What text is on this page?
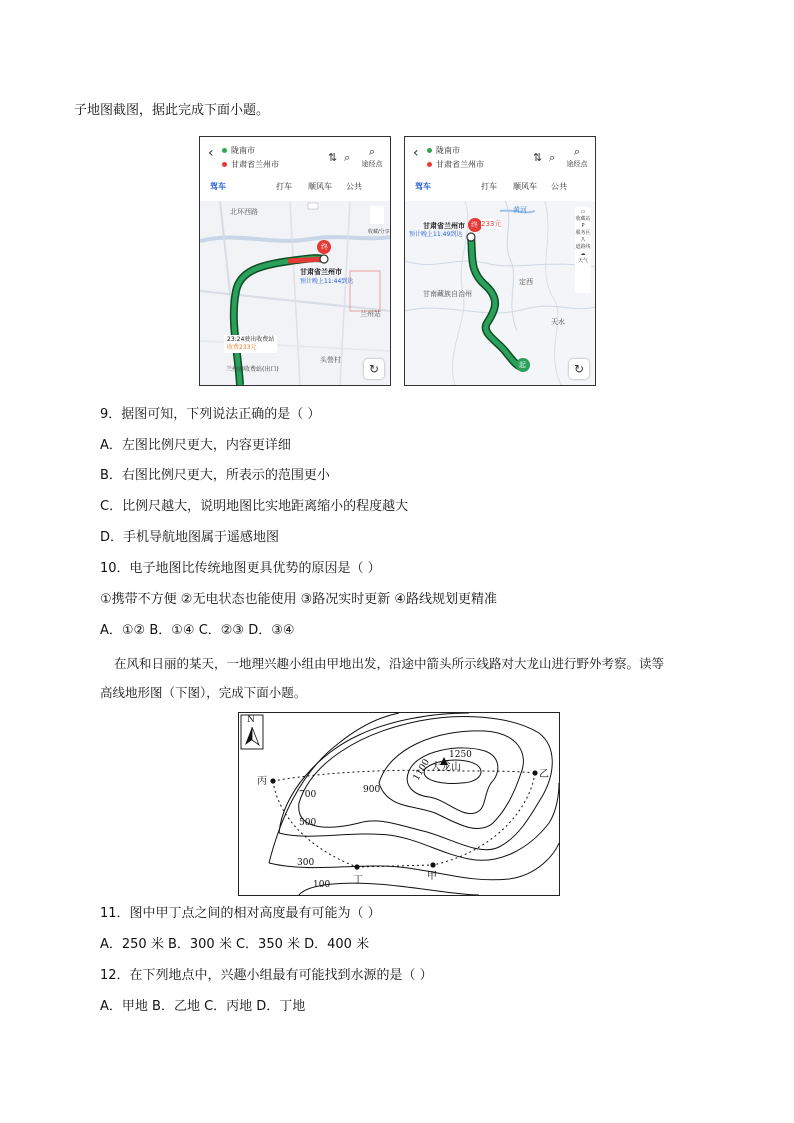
子地图截图，据此完成下面小题。
‹	陇南市
甘肃省兰州市
⇅ ⌕	⌕
途经点
驾车	打车 顺风车 公共
北环西路
甘肃省兰州市
预计晚上11:44到达
兰州站
头營村
终
23:24驶出收费站
收费233元
兰州南收费站(出口)
收藏/分享
↻
‹	陇南市
甘肃省兰州市
⇅ ⌕	⌕
途经点
驾车	打车 顺风车 公共
黄河
甘肃省兰州市
预计晚上11:49到达
233元
终
起
甘南藏族自治州
定西
天水
▭
收藏站
P
服务区
/\
道路线
☁
天气
↻
9．据图可知，下列说法正确的是（ ）
A．左图比例尺更大，内容更详细
B．右图比例尺更大，所表示的范围更小
C．比例尺越大，说明地图比实地距离缩小的程度越大
D．手机导航地图属于遥感地图
10．电子地图比传统地图更具优势的原因是（ ）
①携带不方便 ②无电状态也能使用 ③路况实时更新 ④路线规划更精准
A．①② B．①④ C．②③ D．③④
在风和日丽的某天，一地理兴趣小组由甲地出发，沿途中箭头所示线路对大龙山进行野外考察。读等
高线地形图（下图），完成下面小题。
N
1250
大龙山
1100
900
700
500
300
100
丙
乙
甲
丁
11．图中甲丁点之间的相对高度最有可能为（ ）
A．250 米 B．300 米 C．350 米 D．400 米
12．在下列地点中，兴趣小组最有可能找到水源的是（ ）
A．甲地 B．乙地 C．丙地 D．丁地
